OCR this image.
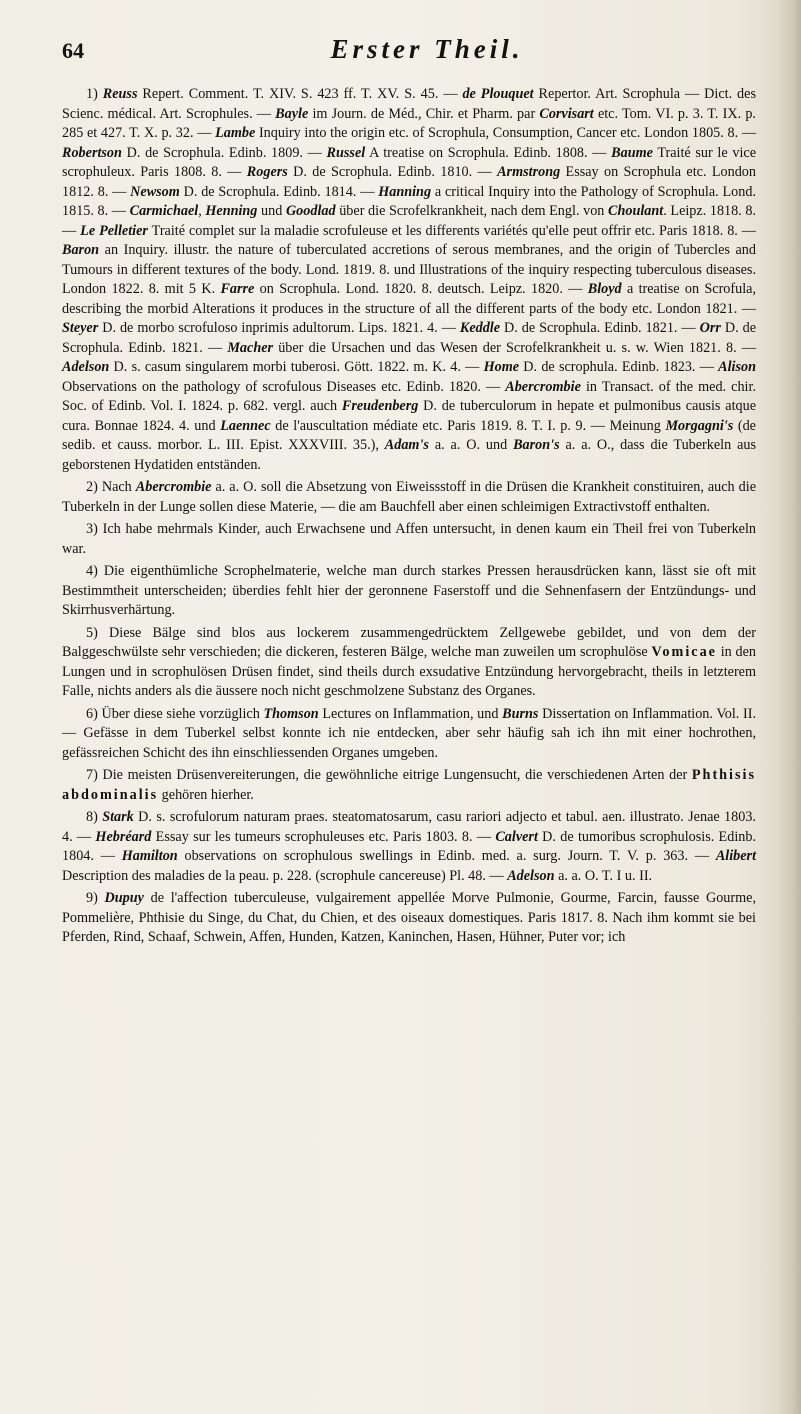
64	Erster Theil.

1) Reuss Repert. Comment. T. XIV. S. 423 ff. T. XV. S. 45. — de Plouquet Repertor. Art. Scrophula — Dict. des Scienc. médical. Art. Scrophules. — Bayle im Journ. de Méd., Chir. et Pharm. par Corvisart etc. Tom. VI. p. 3. T. IX. p. 285 et 427. T. X. p. 32. — Lambe Inquiry into the origin etc. of Scrophula, Consumption, Cancer etc. London 1805. 8. — Robertson D. de Scrophula. Edinb. 1809. — Russel A treatise on Scrophula. Edinb. 1808. — Baume Traité sur le vice scrophuleux. Paris 1808. 8. — Rogers D. de Scrophula. Edinb. 1810. — Armstrong Essay on Scrophula etc. London 1812. 8. — Newsom D. de Scrophula. Edinb. 1814. — Hanning a critical Inquiry into the Pathology of Scrophula. Lond. 1815. 8. — Carmichael, Henning und Goodlad über die Scrofelkrankheit, nach dem Engl. von Choulant. Leipz. 1818. 8. — Le Pelletier Traité complet sur la maladie scrofuleuse et les differents variétés qu'elle peut offrir etc. Paris 1818. 8. — Baron an Inquiry. illustr. the nature of tuberculated accretions of serous membranes, and the origin of Tubercles and Tumours in different textures of the body. Lond. 1819. 8. und Illustrations of the inquiry respecting tuberculous diseases. London 1822. 8. mit 5 K. Farre on Scrophula. Lond. 1820. 8. deutsch. Leipz. 1820. — Bloyd a treatise on Scrofula, describing the morbid Alterations it produces in the structure of all the different parts of the body etc. London 1821. — Steyer D. de morbo scrofuloso inprimis adultorum. Lips. 1821. 4. — Keddle D. de Scrophula. Edinb. 1821. — Orr D. de Scrophula. Edinb. 1821. — Macher über die Ursachen und das Wesen der Scrofelkrankheit u. s. w. Wien 1821. 8. — Adelson D. s. casum singularem morbi tuberosi. Gött. 1822. m. K. 4. — Home D. de scrophula. Edinb. 1823. — Alison Observations on the pathology of scrofulous Diseases etc. Edinb. 1820. — Abercrombie in Transact. of the med. chir. Soc. of Edinb. Vol. I. 1824. p. 682. vergl. auch Freudenberg D. de tuberculorum in hepate et pulmonibus causis atque cura. Bonnae 1824. 4. und Laennec de l'auscultation médiate etc. Paris 1819. 8. T. I. p. 9. — Meinung Morgagni's (de sedib. et causs. morbor. L. III. Epist. XXXVIII. 35.), Adam's a. a. O. und Baron's a. a. O., dass die Tuberkeln aus geborstenen Hydatiden entständen.

2) Nach Abercrombie a. a. O. soll die Absetzung von Eiweissstoff in die Drüsen die Krankheit constituiren, auch die Tuberkeln in der Lunge sollen diese Materie, — die am Bauchfell aber einen schleimigen Extractivstoff enthalten.

3) Ich habe mehrmals Kinder, auch Erwachsene und Affen untersucht, in denen kaum ein Theil frei von Tuberkeln war.

4) Die eigenthümliche Scrophelmaterie, welche man durch starkes Pressen herausdrücken kann, lässt sie oft mit Bestimmtheit unterscheiden; überdies fehlt hier der geronnene Faserstoff und die Sehnenfasern der Entzündungs- und Skirrhusverhärtung.

5) Diese Bälge sind blos aus lockerem zusammengedrücktem Zellgewebe gebildet, und von dem der Balggeschwülste sehr verschieden; die dickeren, festeren Bälge, welche man zuweilen um scrophulöse Vomicae in den Lungen und in scrophulösen Drüsen findet, sind theils durch exsudative Entzündung hervorgebracht, theils in letzterem Falle, nichts anders als die äussere noch nicht geschmolzene Substanz des Organes.

6) Über diese siehe vorzüglich Thomson Lectures on Inflammation, und Burns Dissertation on Inflammation. Vol. II. — Gefässe in dem Tuberkel selbst konnte ich nie entdecken, aber sehr häufig sah ich ihn mit einer hochrothen, gefässreichen Schicht des ihn einschliessenden Organes umgeben.

7) Die meisten Drüsenvereiterungen, die gewöhnliche eitrige Lungensucht, die verschiedenen Arten der Phthisis abdominalis gehören hierher.

8) Stark D. s. scrofulorum naturam praes. steatomatosarum, casu rariori adjecto et tabul. aen. illustrato. Jenae 1803. 4. — Hebréard Essay sur les tumeurs scrophuleuses etc. Paris 1803. 8. — Calvert D. de tumoribus scrophulosis. Edinb. 1804. — Hamilton observations on scrophulous swellings in Edinb. med. a. surg. Journ. T. V. p. 363. — Alibert Description des maladies de la peau. p. 228. (scrophule cancereuse) Pl. 48. — Adelson a. a. O. T. I u. II.

9) Dupuy de l'affection tuberculeuse, vulgairement appellée Morve Pulmonie, Gourme, Farcin, fausse Gourme, Pommelière, Phthisie du Singe, du Chat, du Chien, et des oiseaux domestiques. Paris 1817. 8. Nach ihm kommt sie bei Pferden, Rind, Schaaf, Schwein, Affen, Hunden, Katzen, Kaninchen, Hasen, Hühner, Puter vor; ich
